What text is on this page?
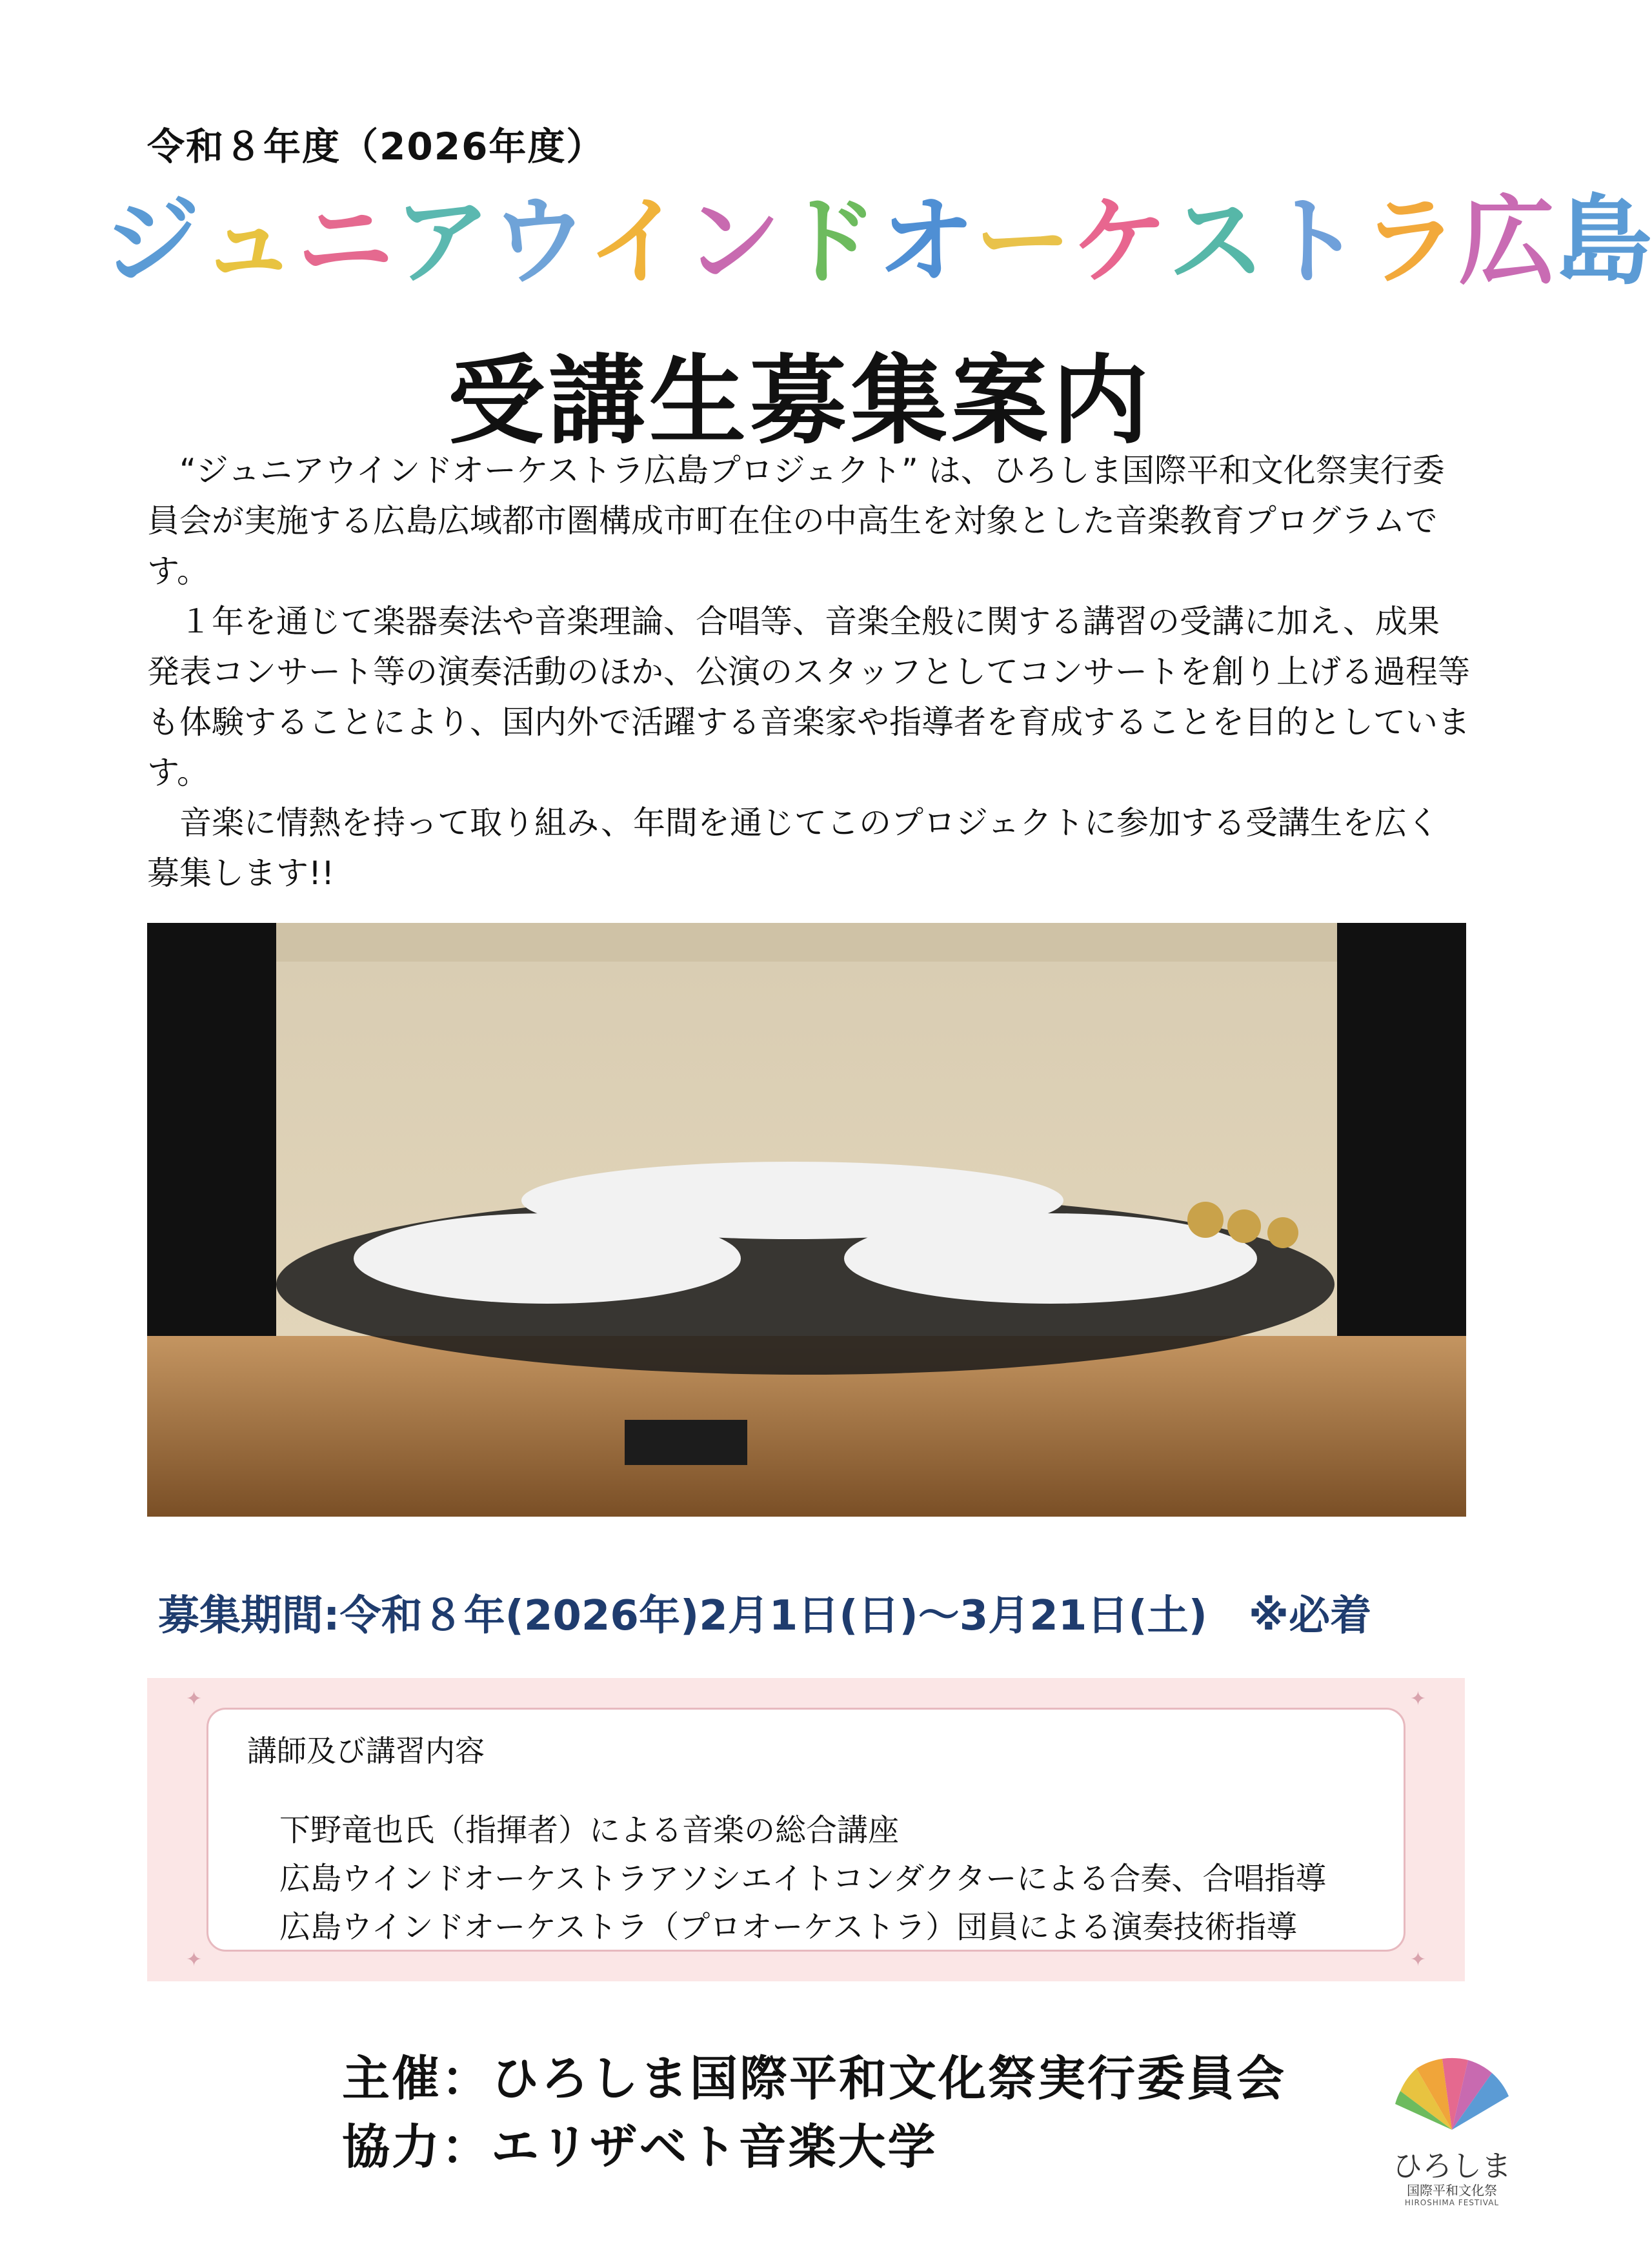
令和８年度（2026年度）
ジ ュ ニ ア ウ イ ン ド オ ー ケ ス ト ラ 広 島
受講生募集案内

“ジュニアウインドオーケストラ広島プロジェクト” は、ひろしま国際平和文化祭実行委員会が実施する広島広域都市圏構成市町在住の中高生を対象とした音楽教育プログラムです。

１年を通じて楽器奏法や音楽理論、合唱等、音楽全般に関する講習の受講に加え、成果発表コンサート等の演奏活動のほか、公演のスタッフとしてコンサートを創り上げる過程等も体験することにより、国内外で活躍する音楽家や指導者を育成することを目的としています。

音楽に情熱を持って取り組み、年間を通じてこのプロジェクトに参加する受講生を広く募集します!!

募集期間:令和８年(2026年)2月1日(日)～3月21日(土)　※必着
✦	✦
✦	✦
講師及び講習内容
下野竜也氏（指揮者）による音楽の総合講座
広島ウインドオーケストラアソシエイトコンダクターによる合奏、合唱指導
広島ウインドオーケストラ（プロオーケストラ）団員による演奏技術指導
主催：ひろしま国際平和文化祭実行委員会
協力：エリザベト音楽大学	ひろしま
国際平和文化祭
HIROSHIMA FESTIVAL
